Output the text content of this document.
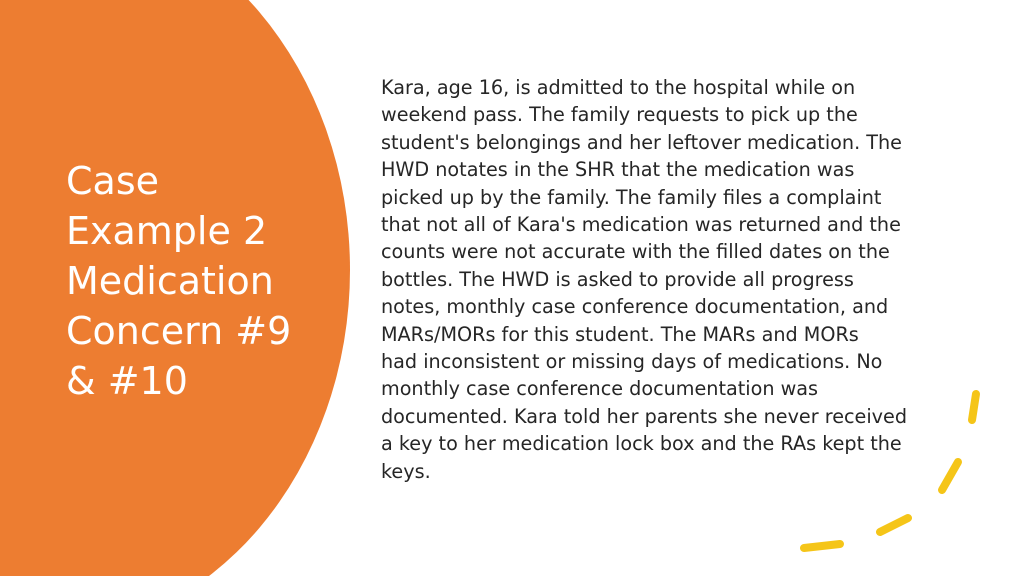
Case
Example 2
Medication
Concern #9
& #10

Kara, age 16, is admitted to the hospital while on
weekend pass. The family requests to pick up the
student's belongings and her leftover medication. The
HWD notates in the SHR that the medication was
picked up by the family. The family files a complaint
that not all of Kara's medication was returned and the
counts were not accurate with the filled dates on the
bottles. The HWD is asked to provide all progress
notes, monthly case conference documentation, and
MARs/MORs for this student. The MARs and MORs
had inconsistent or missing days of medications. No
monthly case conference documentation was
documented. Kara told her parents she never received
a key to her medication lock box and the RAs kept the
keys.
